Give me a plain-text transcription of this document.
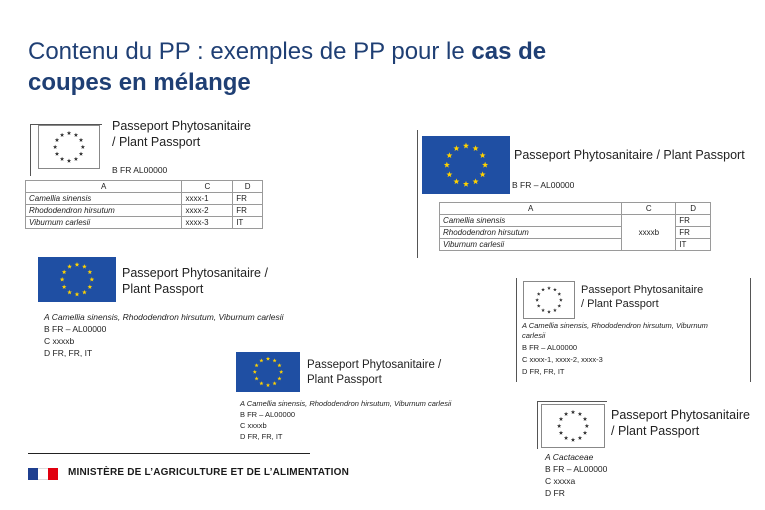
Contenu du PP : exemples de PP pour le cas de
coupes en mélange
Passeport Phytosanitaire
/ Plant Passport
B FR AL00000
A	C	D
Camellia sinensis	xxxx-1	FR
Rhododendron hirsutum	xxxx-2	FR
Viburnum carlesii	xxxx-3	IT
Passeport Phytosanitaire / Plant Passport
B FR – AL00000
A	C	D
Camellia sinensis	xxxxb	FR
Rhododendron hirsutum		FR
Viburnum carlesii		IT
Passeport Phytosanitaire /
Plant Passport
A Camellia sinensis, Rhododendron hirsutum, Viburnum carlesii
B FR – AL00000
C xxxxb
D FR, FR, IT
Passeport Phytosanitaire
/ Plant Passport
A Camellia sinensis, Rhododendron hirsutum, Viburnum
carlesii
B FR – AL00000
C xxxx-1, xxxx-2, xxxx-3
D FR, FR, IT
Passeport Phytosanitaire /
Plant Passport
A Camellia sinensis, Rhododendron hirsutum, Viburnum carlesii
B FR – AL00000
C xxxxb
D FR, FR, IT
Passeport Phytosanitaire
/ Plant Passport
A Cactaceae
B FR – AL00000
C xxxxa
D FR
MINISTÈRE DE L’AGRICULTURE ET DE L’ALIMENTATION
